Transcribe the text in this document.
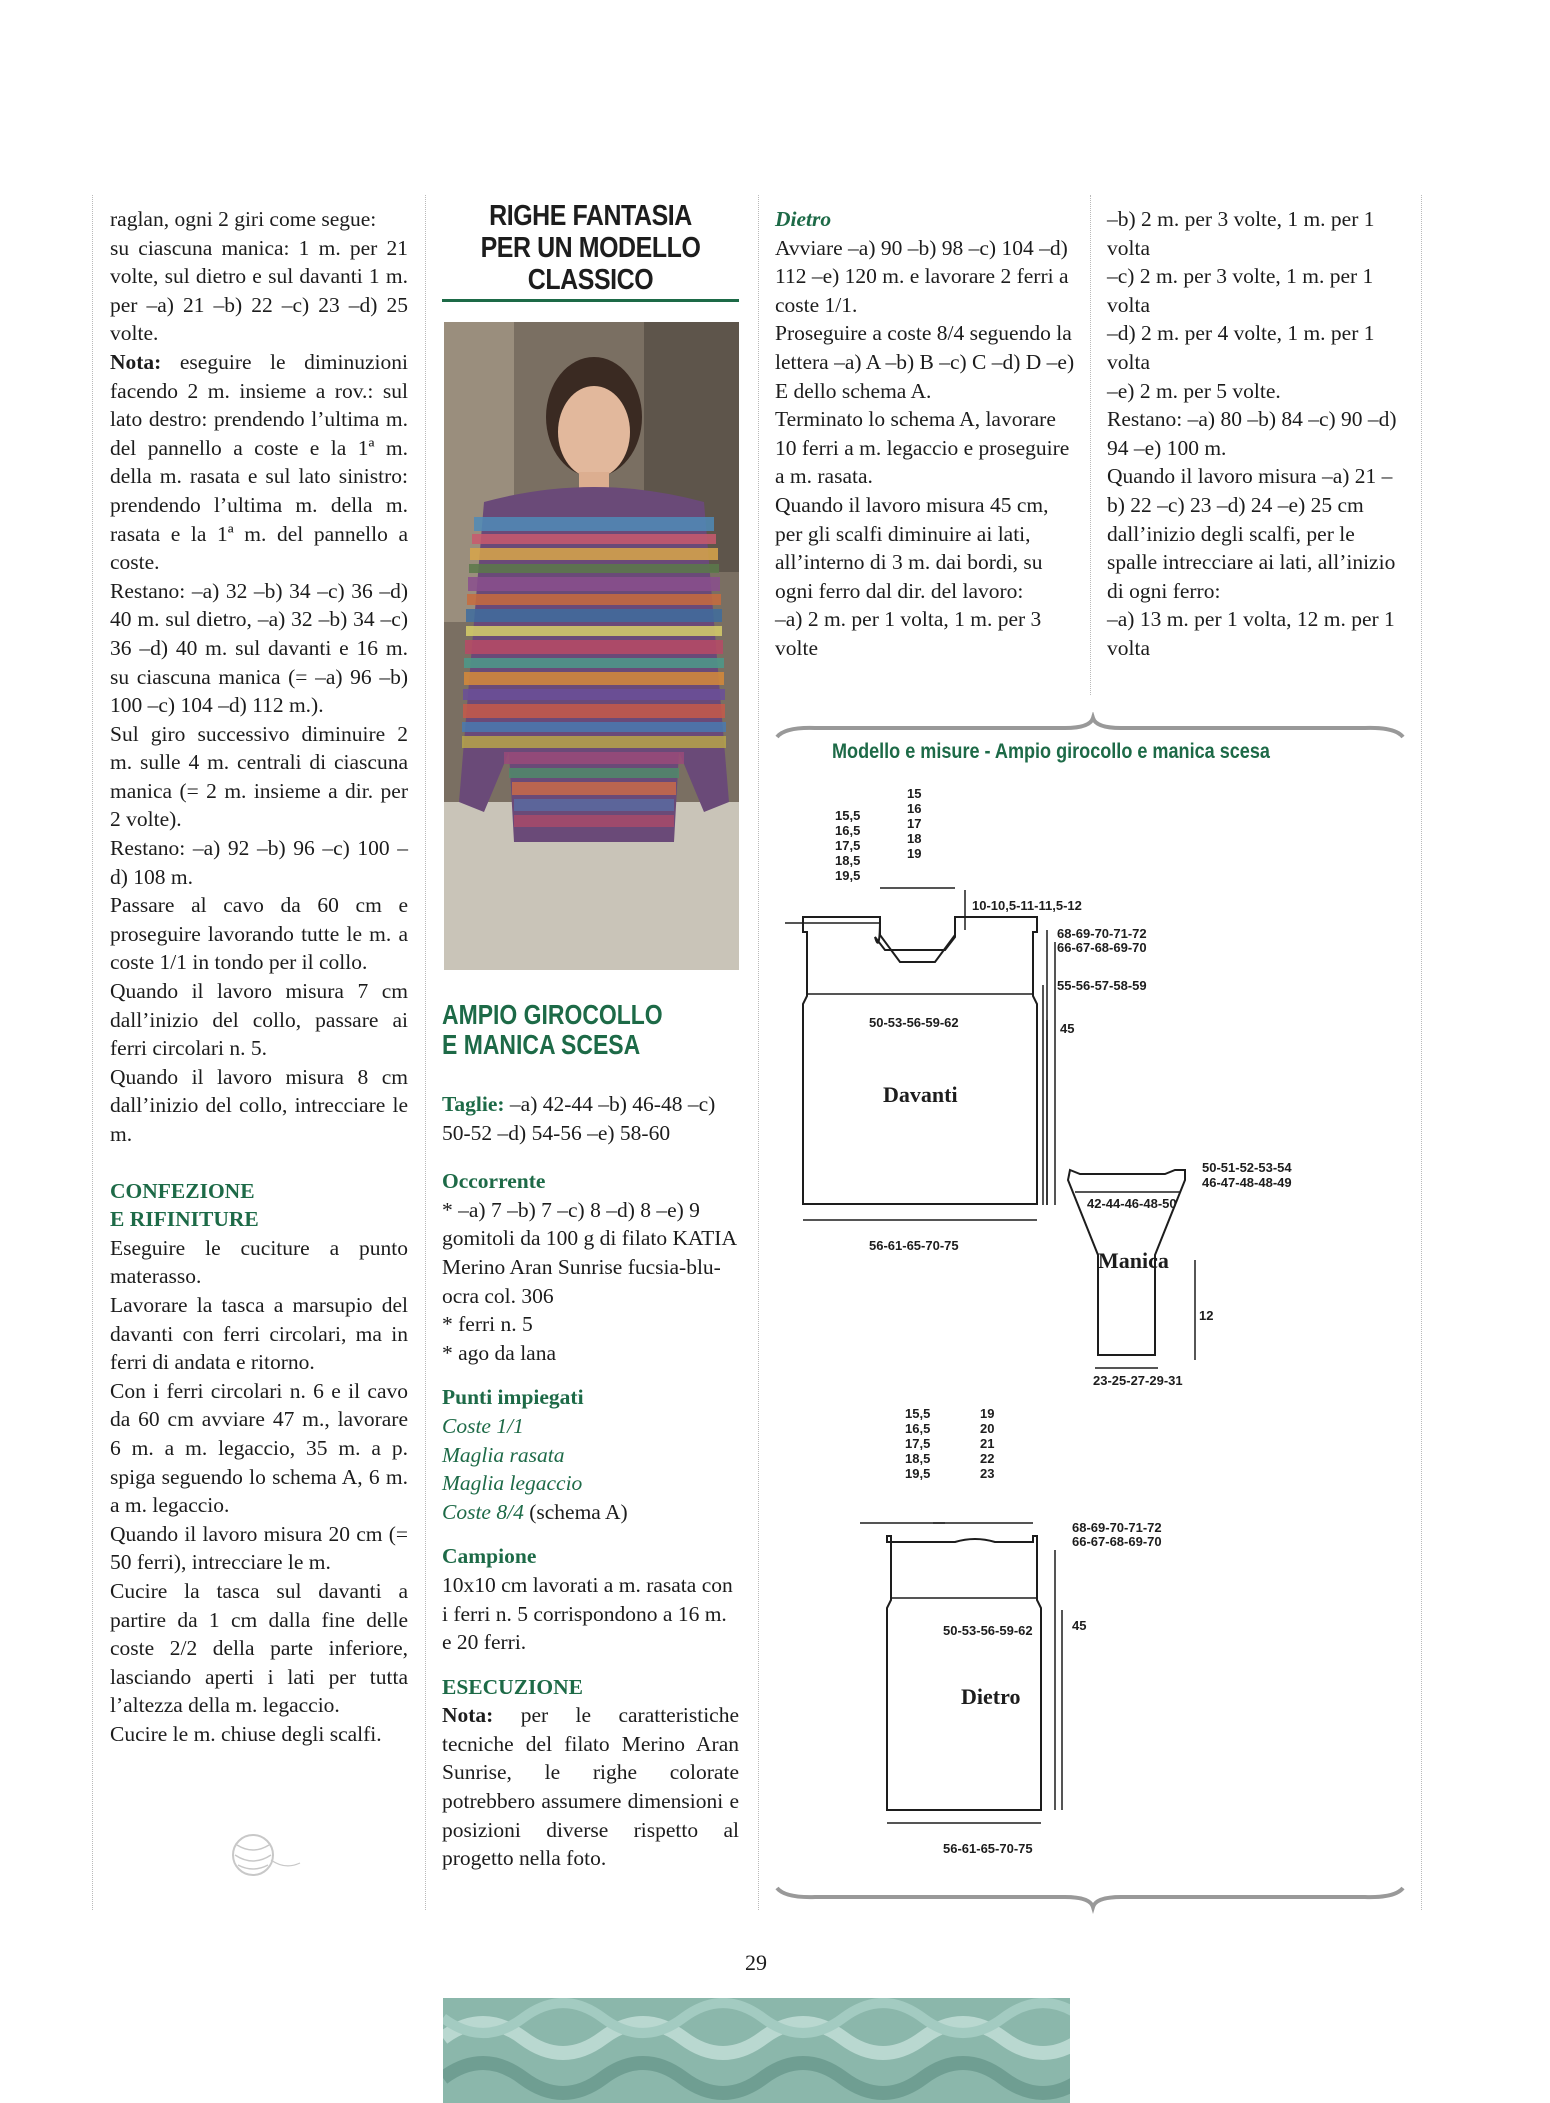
raglan, ogni 2 giri come segue:

su ciascuna manica: 1 m. per 21 volte, sul dietro e sul davanti 1 m. per –a) 21 –b) 22 –c) 23 –d) 25 volte.

Nota: eseguire le diminuzioni facendo 2 m. insieme a rov.: sul lato destro: prendendo l’ultima m. del pannello a coste e la 1ª m. della m. rasata e sul lato sinistro: prendendo l’ultima m. della m. rasata e la 1ª m. del pannello a coste.

Restano: –a) 32 –b) 34 –c) 36 –d) 40 m. sul dietro, –a) 32 –b) 34 –c) 36 –d) 40 m. sul davanti e 16 m. su ciascuna manica (= –a) 96 –b) 100 –c) 104 –d) 112 m.).

Sul giro successivo diminuire 2 m. sulle 4 m. centrali di ciascuna manica (= 2 m. insieme a dir. per 2 volte).

Restano: –a) 92 –b) 96 –c) 100 –d) 108 m.

Passare al cavo da 60 cm e proseguire lavorando tutte le m. a coste 1/1 in tondo per il collo.

Quando il lavoro misura 7 cm dall’inizio del collo, passare ai ferri circolari n. 5.

Quando il lavoro misura 8 cm dall’inizio del collo, intrecciare le m.

CONFEZIONE

E RIFINITURE

Eseguire le cuciture a punto materasso.

Lavorare la tasca a marsupio del davanti con ferri circolari, ma in ferri di andata e ritorno.

Con i ferri circolari n. 6 e il cavo da 60 cm avviare 47 m., lavorare 6 m. a m. legaccio, 35 m. a p. spiga seguendo lo schema A, 6 m. a m. legaccio.

Quando il lavoro misura 20 cm (= 50 ferri), intrecciare le m.

Cucire la tasca sul davanti a partire da 1 cm dalla fine delle coste 2/2 della parte inferiore, lasciando aperti i lati per tutta l’altezza della m. legaccio.

Cucire le m. chiuse degli scalfi.

RIGHE FANTASIA
PER UN MODELLO
CLASSICO
AMPIO GIROCOLLO
E MANICA SCESA

Taglie: –a) 42-44 –b) 46-48 –c) 50-52 –d) 54-56 –e) 58-60

Occorrente

* –a) 7 –b) 7 –c) 8 –d) 8 –e) 9 gomitoli da 100 g di filato KATIA Merino Aran Sunrise fucsia-blu-ocra col. 306

* ferri n. 5

* ago da lana

Punti impiegati

Coste 1/1

Maglia rasata

Maglia legaccio

Coste 8/4 (schema A)

Campione

10x10 cm lavorati a m. rasata con i ferri n. 5 corrispondono a 16 m. e 20 ferri.

ESECUZIONE

Nota: per le caratteristiche tecniche del filato Merino Aran Sunrise, le righe colorate potrebbero assumere dimensioni e posizioni diverse rispetto al progetto nella foto.

Dietro

Avviare –a) 90 –b) 98 –c) 104 –d) 112 –e) 120 m. e lavorare 2 ferri a coste 1/1.

Proseguire a coste 8/4 seguendo la lettera –a) A –b) B –c) C –d) D –e) E dello schema A.

Terminato lo schema A, lavorare 10 ferri a m. legaccio e proseguire a m. rasata.

Quando il lavoro misura 45 cm, per gli scalfi diminuire ai lati, all’interno di 3 m. dai bordi, su ogni ferro dal dir. del lavoro:

–a) 2 m. per 1 volta, 1 m. per 3 volte

–b) 2 m. per 3 volte, 1 m. per 1 volta

–c) 2 m. per 3 volte, 1 m. per 1 volta

–d) 2 m. per 4 volte, 1 m. per 1 volta

–e) 2 m. per 5 volte.

Restano: –a) 80 –b) 84 –c) 90 –d) 94 –e) 100 m.

Quando il lavoro misura –a) 21 –b) 22 –c) 23 –d) 24 –e) 25 cm dall’inizio degli scalfi, per le spalle intrecciare ai lati, all’inizio di ogni ferro:

–a) 13 m. per 1 volta, 12 m. per 1 volta

Modello e misure - Ampio girocollo e manica scesa
15,5
16,5
17,5
18,5
19,5
15
16
17
18
19
10-10,5-11-11,5-12
68-69-70-71-72
66-67-68-69-70
55-56-57-58-59
50-53-56-59-62	45
Davanti
56-61-65-70-75
50-51-52-53-54
46-47-48-48-49
42-44-46-48-50
Manica
12
23-25-27-29-31
15,5
16,5
17,5
18,5
19,5
19
20
21
22
23
68-69-70-71-72
66-67-68-69-70
50-53-56-59-62	45
Dietro
56-61-65-70-75
29
